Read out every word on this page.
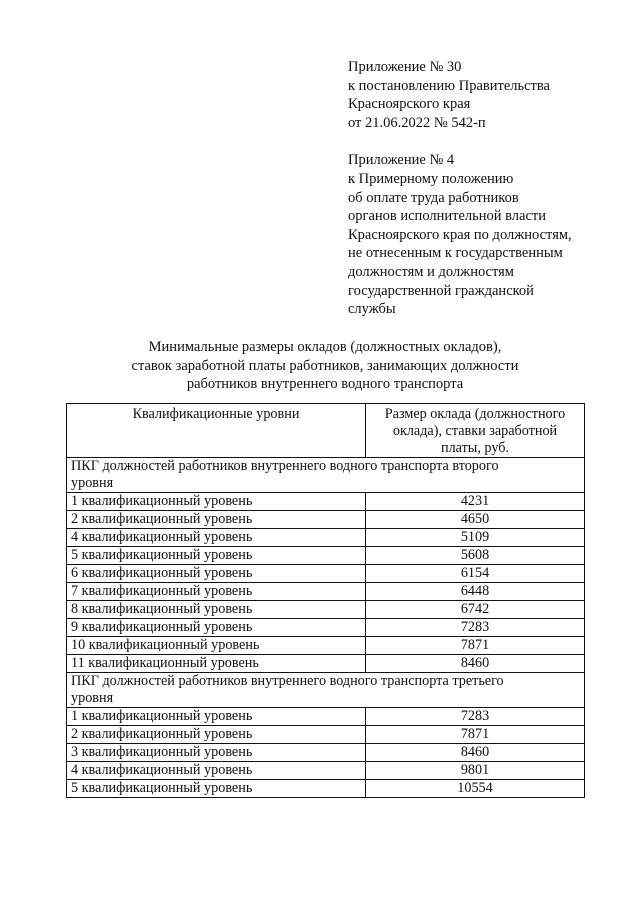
Приложение № 30
к постановлению Правительства
Красноярского края
от 21.06.2022 № 542-п
Приложение № 4
к Примерному положению
об оплате труда работников
органов исполнительной власти
Красноярского края по должностям,
не отнесенным к государственным
должностям и должностям
государственной гражданской
службы
Минимальные размеры окладов (должностных окладов),
ставок заработной платы работников, занимающих должности
работников внутреннего водного транспорта
Квалификационные уровни	Размер оклада (должностного
оклада), ставки заработной
платы, руб.

ПКГ должностей работников внутреннего водного транспорта второго
уровня	

1 квалификационный уровень	4231
2 квалификационный уровень	4650
4 квалификационный уровень	5109
5 квалификационный уровень	5608
6 квалификационный уровень	6154
7 квалификационный уровень	6448
8 квалификационный уровень	6742
9 квалификационный уровень	7283
10 квалификационный уровень	7871
11 квалификационный уровень	8460

ПКГ должностей работников внутреннего водного транспорта третьего
уровня	

1 квалификационный уровень	7283
2 квалификационный уровень	7871
3 квалификационный уровень	8460
4 квалификационный уровень	9801
5 квалификационный уровень	10554
